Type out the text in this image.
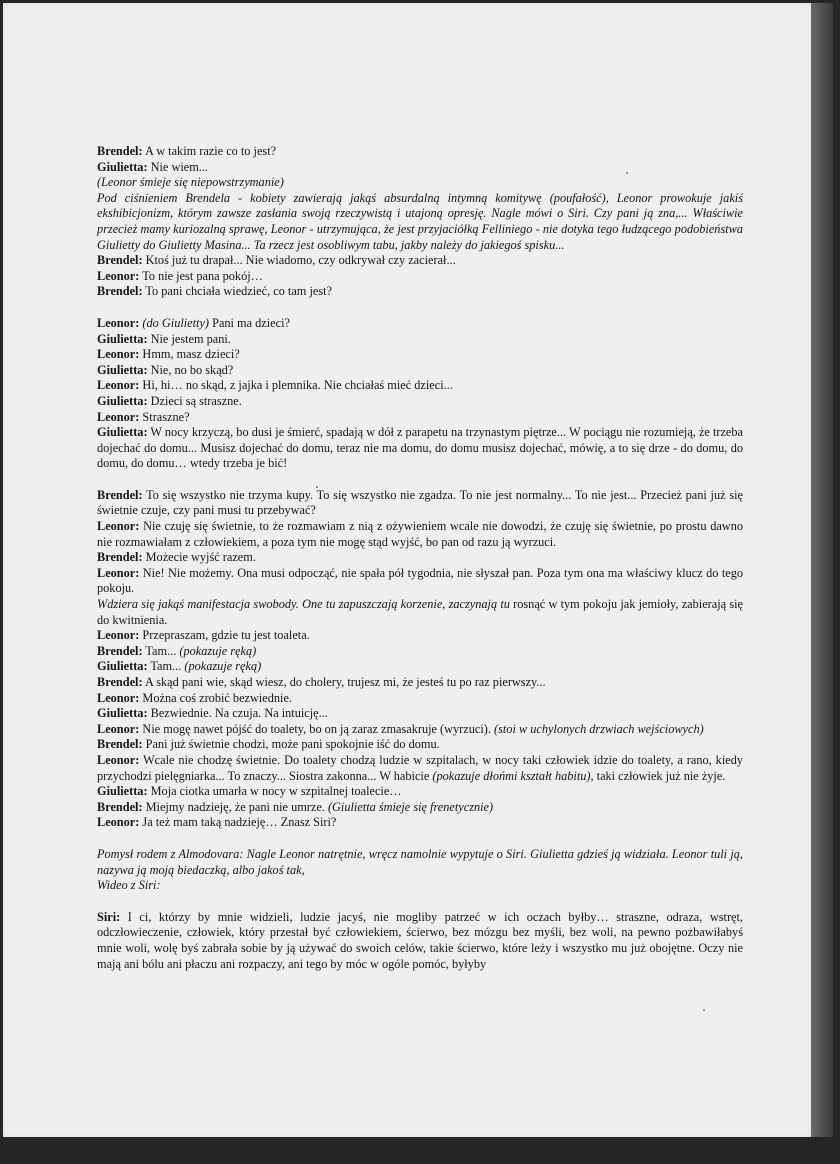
Brendel: A w takim razie co to jest?

Giulietta: Nie wiem...

(Leonor śmieje się niepowstrzymanie)

Pod ciśnieniem Brendela - kobiety zawierają jakąś absurdalną intymną komitywę (poufałość), Leonor prowokuje jakiś ekshibicjonizm, którym zawsze zasłania swoją rzeczywistą i utajoną opresję. Nagle mówi o Siri. Czy pani ją zna,... Właściwie przecież mamy kuriozalną sprawę, Leonor - utrzymująca, że jest przyjaciółką Felliniego - nie dotyka tego łudzącego podobieństwa Giulietty do Giulietty Masina... Ta rzecz jest osobliwym tabu, jakby należy do jakiegoś spisku...

Brendel: Ktoś już tu drapał... Nie wiadomo, czy odkrywał czy zacierał...

Leonor: To nie jest pana pokój…

Brendel: To pani chciała wiedzieć, co tam jest?

Leonor: (do Giulietty) Pani ma dzieci?

Giulietta: Nie jestem pani.

Leonor: Hmm, masz dzieci?

Giulietta: Nie, no bo skąd?

Leonor: Hi, hi… no skąd, z jajka i plemnika. Nie chciałaś mieć dzieci...

Giulietta: Dzieci są straszne.

Leonor: Straszne?

Giulietta: W nocy krzyczą, bo dusi je śmierć, spadają w dół z parapetu na trzynastym piętrze... W pociągu nie rozumieją, że trzeba dojechać do domu... Musisz dojechać do domu, teraz nie ma domu, do domu musisz dojechać, mówię, a to się drze - do domu, do domu, do domu… wtedy trzeba je bić!

Brendel: To się wszystko nie trzyma kupy. To się wszystko nie zgadza. To nie jest normalny... To nie jest... Przecież pani już się świetnie czuje, czy pani musi tu przebywać?

Leonor: Nie czuję się świetnie, to że rozmawiam z nią z ożywieniem wcale nie dowodzi, że czuję się świetnie, po prostu dawno nie rozmawiałam z człowiekiem, a poza tym nie mogę stąd wyjść, bo pan od razu ją wyrzuci.

Brendel: Możecie wyjść razem.

Leonor: Nie! Nie możemy. Ona musi odpocząć, nie spała pół tygodnia, nie słyszał pan. Poza tym ona ma właściwy klucz do tego pokoju.

Wdziera się jakąś manifestacja swobody. One tu zapuszczają korzenie, zaczynają tu rosnąć w tym pokoju jak jemioły, zabierają się do kwitnienia.

Leonor: Przepraszam, gdzie tu jest toaleta.

Brendel: Tam... (pokazuje ręką)

Giulietta: Tam... (pokazuje ręką)

Brendel: A skąd pani wie, skąd wiesz, do cholery, trujesz mi, że jesteś tu po raz pierwszy...

Leonor: Można coś zrobić bezwiednie.

Giulietta: Bezwiednie. Na czuja. Na intuicję...

Leonor: Nie mogę nawet pójść do toalety, bo on ją zaraz zmasakruje (wyrzuci). (stoi w uchylonych drzwiach wejściowych)

Brendel: Pani już świetnie chodzi, może pani spokojnie iść do domu.

Leonor: Wcale nie chodzę świetnie. Do toalety chodzą ludzie w szpitalach, w nocy taki człowiek idzie do toalety, a rano, kiedy przychodzi pielęgniarka... To znaczy... Siostra zakonna... W habicie (pokazuje dłońmi kształt habitu), taki człowiek już nie żyje.

Giulietta: Moja ciotka umarła w nocy w szpitalnej toalecie…

Brendel: Miejmy nadzieję, że pani nie umrze. (Giulietta śmieje się frenetycznie)

Leonor: Ja też mam taką nadzieję… Znasz Siri?

Pomysł rodem z Almodovara: Nagle Leonor natrętnie, wręcz namolnie wypytuje o Siri. Giulietta gdzieś ją widziała. Leonor tuli ją, nazywa ją moją biedaczką, albo jakoś tak,

Wideo z Siri:

Siri: I ci, którzy by mnie widzieli, ludzie jacyś, nie mogliby patrzeć w ich oczach byłby… straszne, odraza, wstręt, odczłowieczenie, człowiek, który przestał być człowiekiem, ścierwo, bez mózgu bez myśli, bez woli, na pewno pozbawiłabyś mnie woli, wolę byś zabrała sobie by ją używać do swoich celów, takie ścierwo, które leży i wszystko mu już obojętne. Oczy nie mają ani bólu ani płaczu ani rozpaczy, ani tego by móc w ogóle pomóc, byłyby
